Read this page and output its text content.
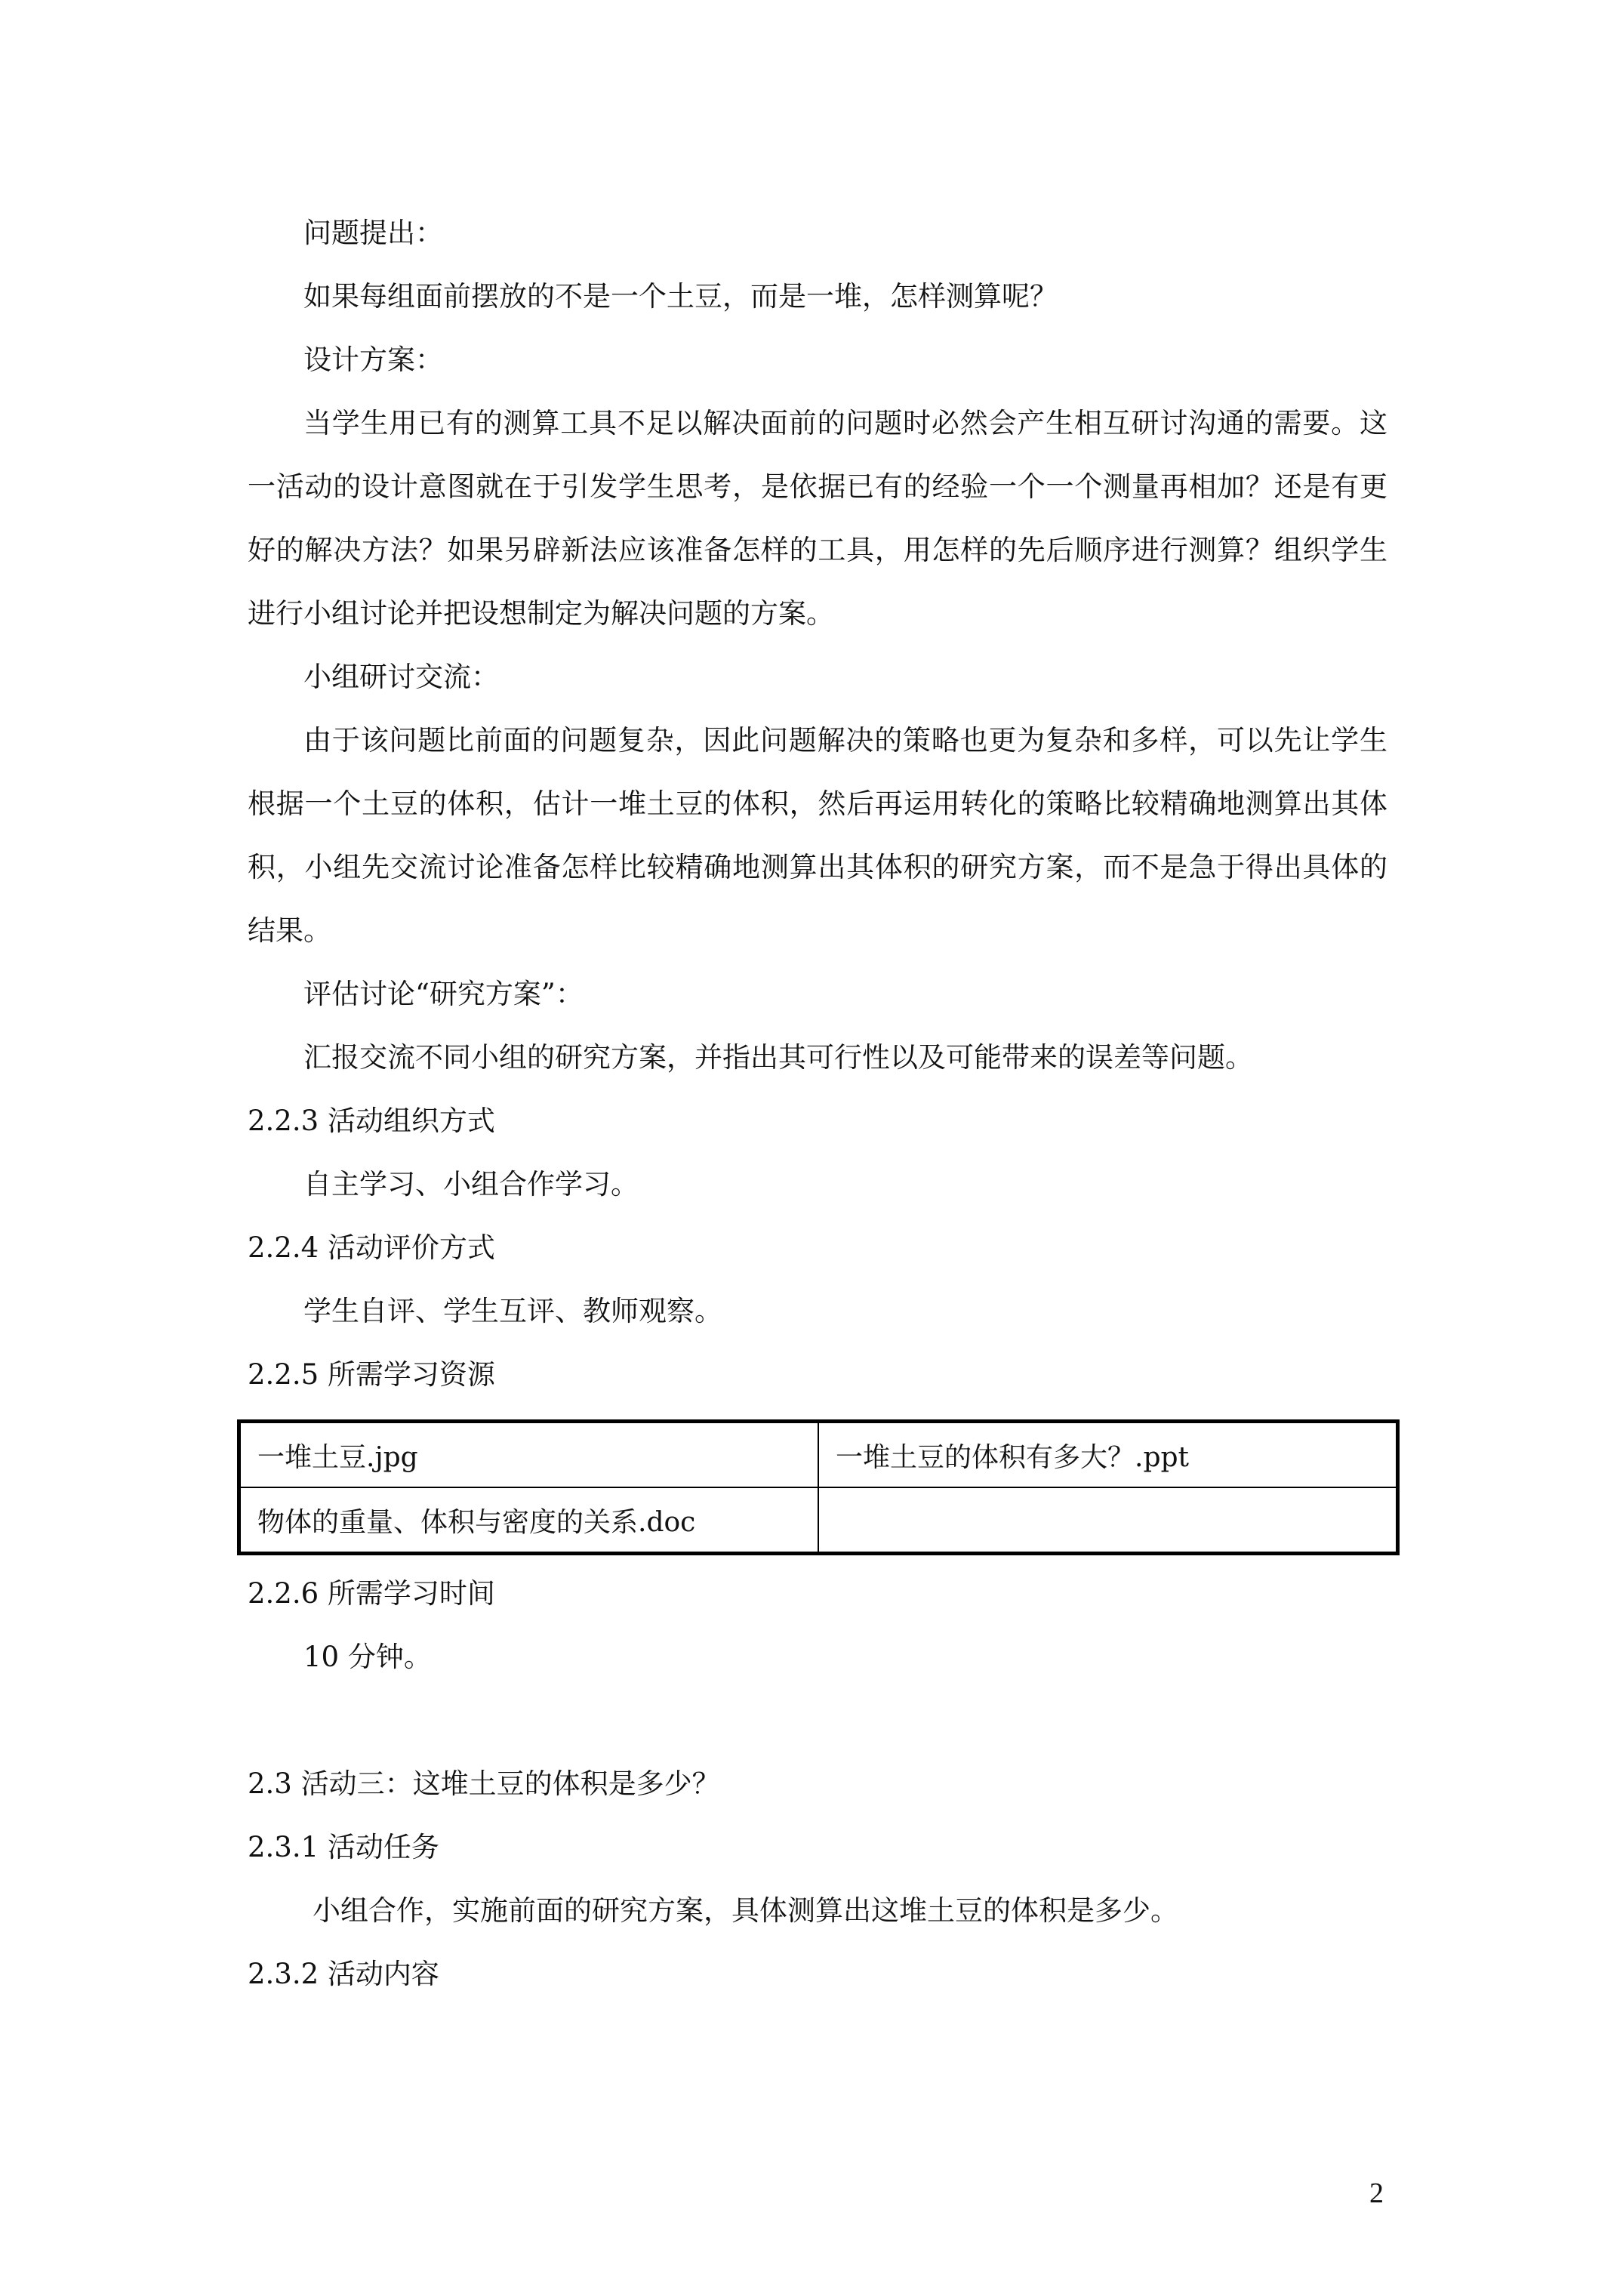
问题提出：
如果每组面前摆放的不是一个土豆，而是一堆，怎样测算呢？
设计方案：
当学生用已有的测算工具不足以解决面前的问题时必然会产生相互研讨沟通的需要。这
一活动的设计意图就在于引发学生思考，是依据已有的经验一个一个测量再相加？还是有更
好的解决方法？如果另辟新法应该准备怎样的工具，用怎样的先后顺序进行测算？组织学生
进行小组讨论并把设想制定为解决问题的方案。
小组研讨交流：
由于该问题比前面的问题复杂，因此问题解决的策略也更为复杂和多样，可以先让学生
根据一个土豆的体积，估计一堆土豆的体积，然后再运用转化的策略比较精确地测算出其体
积，小组先交流讨论准备怎样比较精确地测算出其体积的研究方案，而不是急于得出具体的
结果。
评估讨论“研究方案”：
汇报交流不同小组的研究方案，并指出其可行性以及可能带来的误差等问题。
2.2.3 活动组织方式
自主学习、小组合作学习。
2.2.4 活动评价方式
学生自评、学生互评、教师观察。
2.2.5 所需学习资源
一堆土豆.jpg	一堆土豆的体积有多大？.ppt
物体的重量、体积与密度的关系.doc	
2.2.6 所需学习时间
10 分钟。
2.3 活动三：这堆土豆的体积是多少？
2.3.1 活动任务
小组合作，实施前面的研究方案，具体测算出这堆土豆的体积是多少。
2.3.2 活动内容
2
